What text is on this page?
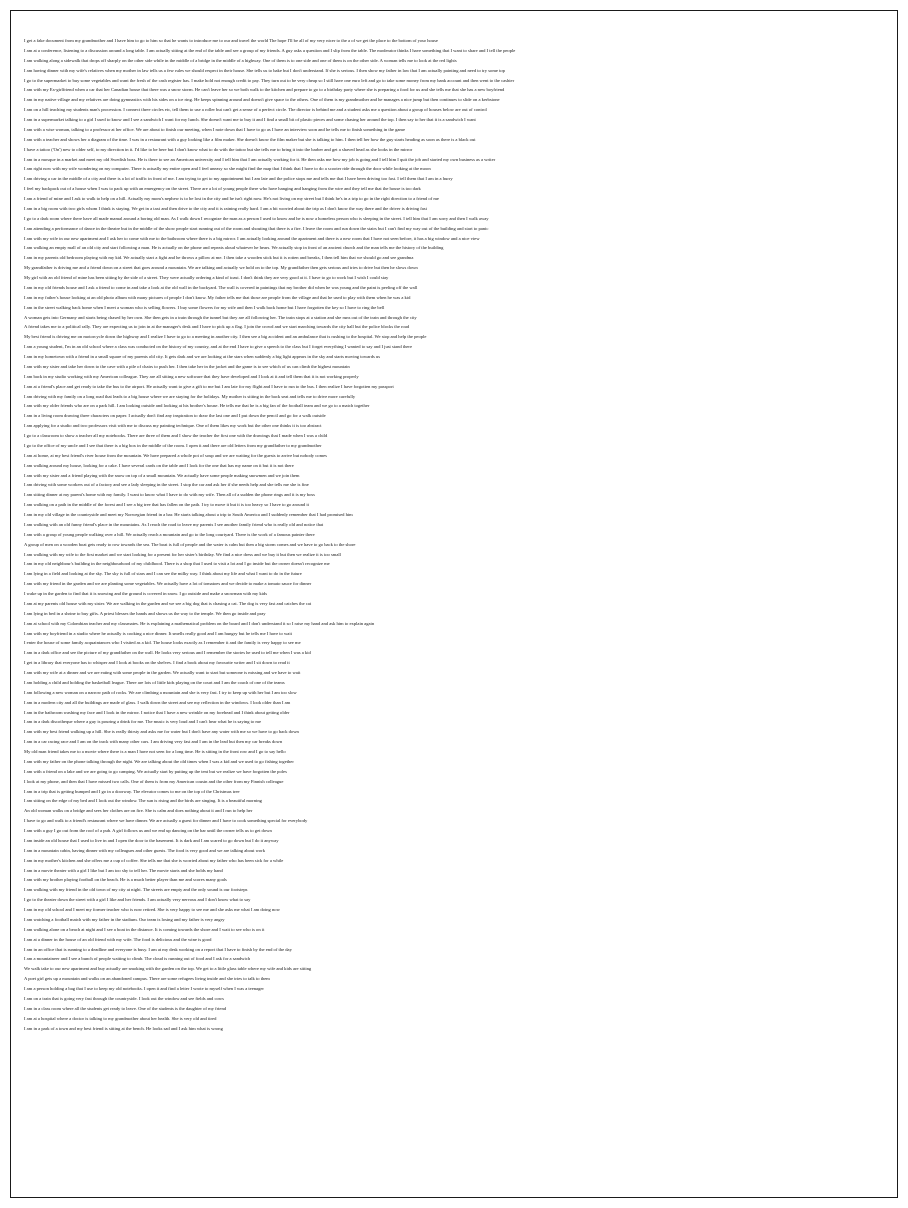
I get a fake document from my grandmother and I have him to go to him so that he wants to introduce me to our and travel the world The hope I'll be all of my very nicer to the a of we get the place to the bottom of your house
I am at a conference, listening to a discussion around a long table. I am actually sitting at the end of the table and see a group of my friends. A guy asks a question and I slip from the table. The moderator thinks I have something that I want to share and I tell the people
I am walking along a sidewalk that drops off sharply on the other side while in the middle of a bridge in the middle of a highway. One of them is to one side and one of them is on the other side. A woman tells me to look at the red lights
I am having dinner with my wife's relatives when my mother in law tells us a few rules we should respect in their house. She tells us to bake but I don't understand. If she is serious. I then show my father in law that I am actually painting and need to try some top
I go to the supermarket to buy some vegetables and want the fresh of the cash register has. I make hold not enough credit to pay. They turn out to be very cheap so I still have one euro left and go to take some money from my bank account and then went to the cashier
I am with my Ex-girlfriend when a car that her Canadian house that there was a snow storm. He can't leave her so we both walk to the kitchen and prepare to go to a birthday party where she is preparing a food for us and she tells me that she has a new boyfriend
I am in my native village and my relatives are doing gymnastics with his sides on a ice ring. He keeps spinning around and doesn't give space to the others. One of them is my grandmother and he manages a nice jump but then continues to slide on a kerbstone
I am on a hill teaching my students man's procession. I connect three circles etc, tell them to use a roller but can't get a sense of a perfect circle. The director is behind me and a student asks me a question about a group of houses below are out of control
I am in a supermarket talking to a girl I used to know and I see a sandwich I want for my lunch. She doesn't want me to buy it and I find a small bit of plastic pieces and some chasing her around the top. I then say to her that it is a sandwich I want
I am with a wise woman, talking to a professor at her office. We are about to finish our meeting, when I note down that I have to go as I have an interview soon and he tells me to finish something in the game
I am with a teacher and shows her a diagram of the time. I was in a restaurant with a guy looking like a film maker. She doesn't know the film maker but she is talking to him. I then tell her how the guy starts heading as soon as there is a black out
I have a tattoo ('On') new to older self, to my direction in it. I'd like to be here but I don't know what to do with the tattoo but she tells me to bring it into the barber and get a shaved head as she looks in the mirror
I am in a mosque in a market and meet my old Swedish boss. He is there to see an American university and I tell him that I am actually working for it. He then asks me how my job is going and I tell him I quit the job and started my own business as a writer
I am right now with my wife wondering on my computer. There is actually my entire open and I feel uneasy so she might find the map that I think that I have to do a scooter ride through the door while looking at the moon
I am driving a car in the middle of a city and there is a lot of traffic in front of me. I am trying to get to my appointment but I am late and the police stops me and tells me that I have been driving too fast. I tell them that I am in a hurry
I feel my backpack out of a house when I was to pack up with an emergency on the street. There are a lot of young people there who have hanging and hanging from the wire and they tell me that the house is too dark
I am a friend of mine and I ask to walk to help on a hill. Actually my mom's nephew is to be lost in the city and he isn't right now. He's not living on my street but I think he's in a trip to go in the right direction to a friend of me
I am in a big room with two girls whom I think is staying. We get in a taxi and then drive to the city and it is raining really hard. I am a bit worried about the trip as I don't know the way there and the driver is driving fast
I go to a dark room where there have all made mamal around a boring old man. As I walk down I recognize the man as a person I used to know and he is now a homeless person who is sleeping in the street. I tell him that I am sorry and then I walk away
I am attending a performance of dance in the theatre but in the middle of the show people start running out of the room and shouting that there is a fire. I leave the room and run down the stairs but I can't find my way out of the building and start to panic
I am with my wife in our new apartment and I ask her to come with me to the bathroom where there is a big mirror. I am actually looking around the apartment and there is a new room that I have not seen before, it has a big window and a nice view
I am walking an empty mall of an old city and start following a man. He is actually on the phone and repeats aloud whatever he hears. We actually stop in front of an ancient church and the man tells me the history of the building
I am in my parents old bedroom playing with my kid. We actually start a fight and he throws a pillow at me. I then take a wooden stick but it is rotten and breaks, I then tell him that we should go and see grandma
My grandfather is driving me and a friend down on a street that goes around a mountain. We are talking and actually we hold on to the top. My grandfather then gets serious and tries to drive but then he slows down
My girl with an old friend of mine has been sitting by the side of a street. They were actually ordering a kind of toast. I don't think they are very good at it. I have to go to work but I wish I could stay
I am in my old friends house and I ask a friend to come in and take a look at the old wall in the backyard. The wall is covered in paintings that my brother did when he was young and the paint is peeling off the wall
I am in my father's house looking at an old photo album with many pictures of people I don't know. My father tells me that those are people from the village and that he used to play with them when he was a kid
I am in the street walking back home when I meet a woman who is selling flowers. I buy some flowers for my wife and then I walk back home but I have forgotten the key so I have to ring the bell
A woman gets into Germany and starts being chased by her own. She then gets in a train through the tunnel but they are all following her. The train stops at a station and she runs out of the train and through the city
A friend takes me to a political rally. They are expecting us to join in at the manager's desk and I have to pick up a flag. I join the crowd and we start marching towards the city hall but the police blocks the road
My best friend is driving me on motorcycle down the highway and I realize I have to go to a meeting in another city. I then see a big accident and an ambulance that is rushing to the hospital. We stop and help the people
I am a young student, I'm in an old school where a class was conducted on the history of my country, and at the end I have to give a speech to the class but I forget everything I wanted to say and I just stand there
I am in my hometown with a friend in a small square of my parents old city. It gets dark and we are looking at the stars when suddenly a big light appears in the sky and starts moving towards us
I am with my sister and take her down to the cave with a pile of chairs to push her. I then take her in the jacket and the game is to see which of us can climb the highest mountain
I am back in my studio working with my American colleague. They are all sitting a new software that they have developed and I look at it and tell them that it is not working properly
I am at a friend's place and get ready to take the bus to the airport. He actually want to give a gift to me but I am late for my flight and I have to run to the bus. I then realize I have forgotten my passport
I am driving with my family on a long road that leads to a big house where we are staying for the holidays. My mother is sitting in the back seat and tells me to drive more carefully
I am with my older friends who are on a park hill. I am looking outside and looking at his brother's house. He tells me that he is a big fan of the football team and we go to a match together
I am in a living room drawing three characters on paper. I actually don't find any inspiration to draw the last one and I put down the pencil and go for a walk outside
I am applying for a studio and two professors visit with me to discuss my painting technique. One of them likes my work but the other one thinks it is too abstract
I go to a classroom to show a teacher all my notebooks. There are three of them and I show the teacher the first one with the drawings that I made when I was a child
I go to the office of my uncle and I see that there is a big box in the middle of the room. I open it and there are old letters from my grandfather to my grandmother
I am at home, at my best friend's river house from the mountain. We have prepared a whole pot of soup and we are waiting for the guests to arrive but nobody comes
I am walking around my house, looking for a cake. I have several cards on the table and I look for the one that has my name on it but it is not there
I am with my sister and a friend playing with the snow on top of a small mountain. We actually have some people making snowmen and we join them
I am driving with some workers out of a factory and see a lady sleeping in the street. I stop the car and ask her if she needs help and she tells me she is fine
I am sitting dinner at my parent's home with my family. I want to know what I have to do with my wife. Then all of a sudden the phone rings and it is my boss
I am walking on a path in the middle of the forest and I see a big tree that has fallen on the path. I try to move it but it is too heavy so I have to go around it
I am in my old village in the countryside and meet my Norwegian friend in a bar. He starts talking about a trip to South America and I suddenly remember that I had promised him
I am walking with an old funny friend's place in the mountains. As I reach the road to leave my parents I see another family friend who is really old and notice that
I am with a group of young people walking over a hill. We actually reach a mountain and go to the long courtyard. There is the work of a famous painter there
A group of men on a wooden boat gets ready to row towards the sea. The boat is full of people and the water is calm but then a big storm comes and we have to go back to the shore
I am walking with my wife to the first market and we start looking for a present for her sister's birthday. We find a nice dress and we buy it but then we realize it is too small
I am in my old neighbour's building in the neighbourhood of my childhood. There is a shop that I used to visit a lot and I go inside but the owner doesn't recognize me
I am lying in a field and looking at the sky. The sky is full of stars and I can see the milky way. I think about my life and what I want to do in the future
I am with my friend in the garden and we are planting some vegetables. We actually have a lot of tomatoes and we decide to make a tomato sauce for dinner
I wake up in the garden to find that it is snowing and the ground is covered in snow. I go outside and make a snowman with my kids
I am at my parents old house with my sister. We are walking in the garden and we see a big dog that is chasing a cat. The dog is very fast and catches the cat
I am lying in bed in a shrine to buy gifts. A priest blesses the hands and shows us the way to the temple. We then go inside and pray
I am at school with my Colombian teacher and my classmates. He is explaining a mathematical problem on the board and I don't understand it so I raise my hand and ask him to explain again
I am with my boyfriend in a studio where he actually is cooking a nice dinner. It smells really good and I am hungry but he tells me I have to wait
I enter the house of some family acquaintances who I visited as a kid. The house looks exactly as I remember it and the family is very happy to see me
I am in a dark office and see the picture of my grandfather on the wall. He looks very serious and I remember the stories he used to tell me when I was a kid
I get in a library that everyone has to whisper and I look at books on the shelves. I find a book about my favourite writer and I sit down to read it
I am with my wife at a dinner and we are eating with some people in the garden. We actually want to start but someone is missing and we have to wait
I am holding a child and holding the basketball league. There are lots of little kids playing on the court and I am the coach of one of the teams
I am following a new woman on a narrow path of rocks. We are climbing a mountain and she is very fast. I try to keep up with her but I am too slow
I am in a modern city and all the buildings are made of glass. I walk down the street and see my reflection in the windows. I look older than I am
I am in the bathroom washing my face and I look in the mirror. I notice that I have a new wrinkle on my forehead and I think about getting older
I am in a dark discotheque where a guy is pouring a drink for me. The music is very loud and I can't hear what he is saying to me
I am with my best friend walking up a hill. She is really thirsty and asks me for water but I don't have any water with me so we have to go back down
I am in a car racing race and I am on the track with many other cars. I am driving very fast and I am in the lead but then my car breaks down
My old man friend takes me to a movie where there is a man I have not seen for a long time. He is sitting in the front row and I go to say hello
I am with my father on the phone talking through the night. We are talking about the old times when I was a kid and we used to go fishing together
I am with a friend on a lake and we are going to go camping. We actually start by putting up the tent but we realize we have forgotten the poles
I look at my phone, and then that I have missed two calls. One of them is from my American cousin and the other from my Finnish colleague
I am in a trip that is getting bumped and I go in a doorway. The elevator comes to me on the top of the Christmas tree
I am sitting on the edge of my bed and I look out the window. The sun is rising and the birds are singing. It is a beautiful morning
An old woman walks on a bridge and sees her clothes are on fire. She is calm and does nothing about it and I run to help her
I have to go and walk to a friend's restaurant where we have dinner. We are actually a guest for dinner and I have to cook something special for everybody
I am with a guy I go out from the roof of a pub. A girl follows us and we end up dancing on the bar until the owner tells us to get down
I am inside an old house that I used to live in and I open the door to the basement. It is dark and I am scared to go down but I do it anyway
I am in a mountain cabin, having dinner with my colleagues and other guests. The food is very good and we are talking about work
I am in my mother's kitchen and she offers me a cup of coffee. She tells me that she is worried about my father who has been sick for a while
I am in a movie theater with a girl I like but I am too shy to tell her. The movie starts and she holds my hand
I am with my brother playing football on the beach. He is a much better player than me and scores many goals
I am walking with my friend in the old town of my city at night. The streets are empty and the only sound is our footsteps
I go to the theater down the street with a girl I like and her friends. I am actually very nervous and I don't know what to say
I am in my old school and I meet my former teacher who is now retired. She is very happy to see me and she asks me what I am doing now
I am watching a football match with my father in the stadium. Our team is losing and my father is very angry
I am walking alone on a beach at night and I see a boat in the distance. It is coming towards the shore and I wait to see who is on it
I am at a dinner in the house of an old friend with my wife. The food is delicious and the wine is good
I am in an office that is running to a deadline and everyone is busy. I am at my desk working on a report that I have to finish by the end of the day
I am a mountaineer and I see a bunch of people waiting to climb. The cloud is running out of food and I ask for a sandwich
We walk take to our new apartment and buy actually are smoking with the garden on the top. We get to a little glass table where my wife and kids are sitting
A poet girl gets up a mountain and walks on an abandoned campus. There are some refugees living inside and she tries to talk to them
I am a person holding a bag that I use to keep my old notebooks. I open it and find a letter I wrote to myself when I was a teenager
I am on a train that is going very fast through the countryside. I look out the window and see fields and cows
I am in a class room where all the students get ready to leave. One of the students is the daughter of my friend
I am at a hospital where a doctor is talking to my grandmother about her health. She is very old and tired
I am in a park of a town and my best friend is sitting at the bench. He looks sad and I ask him what is wrong
